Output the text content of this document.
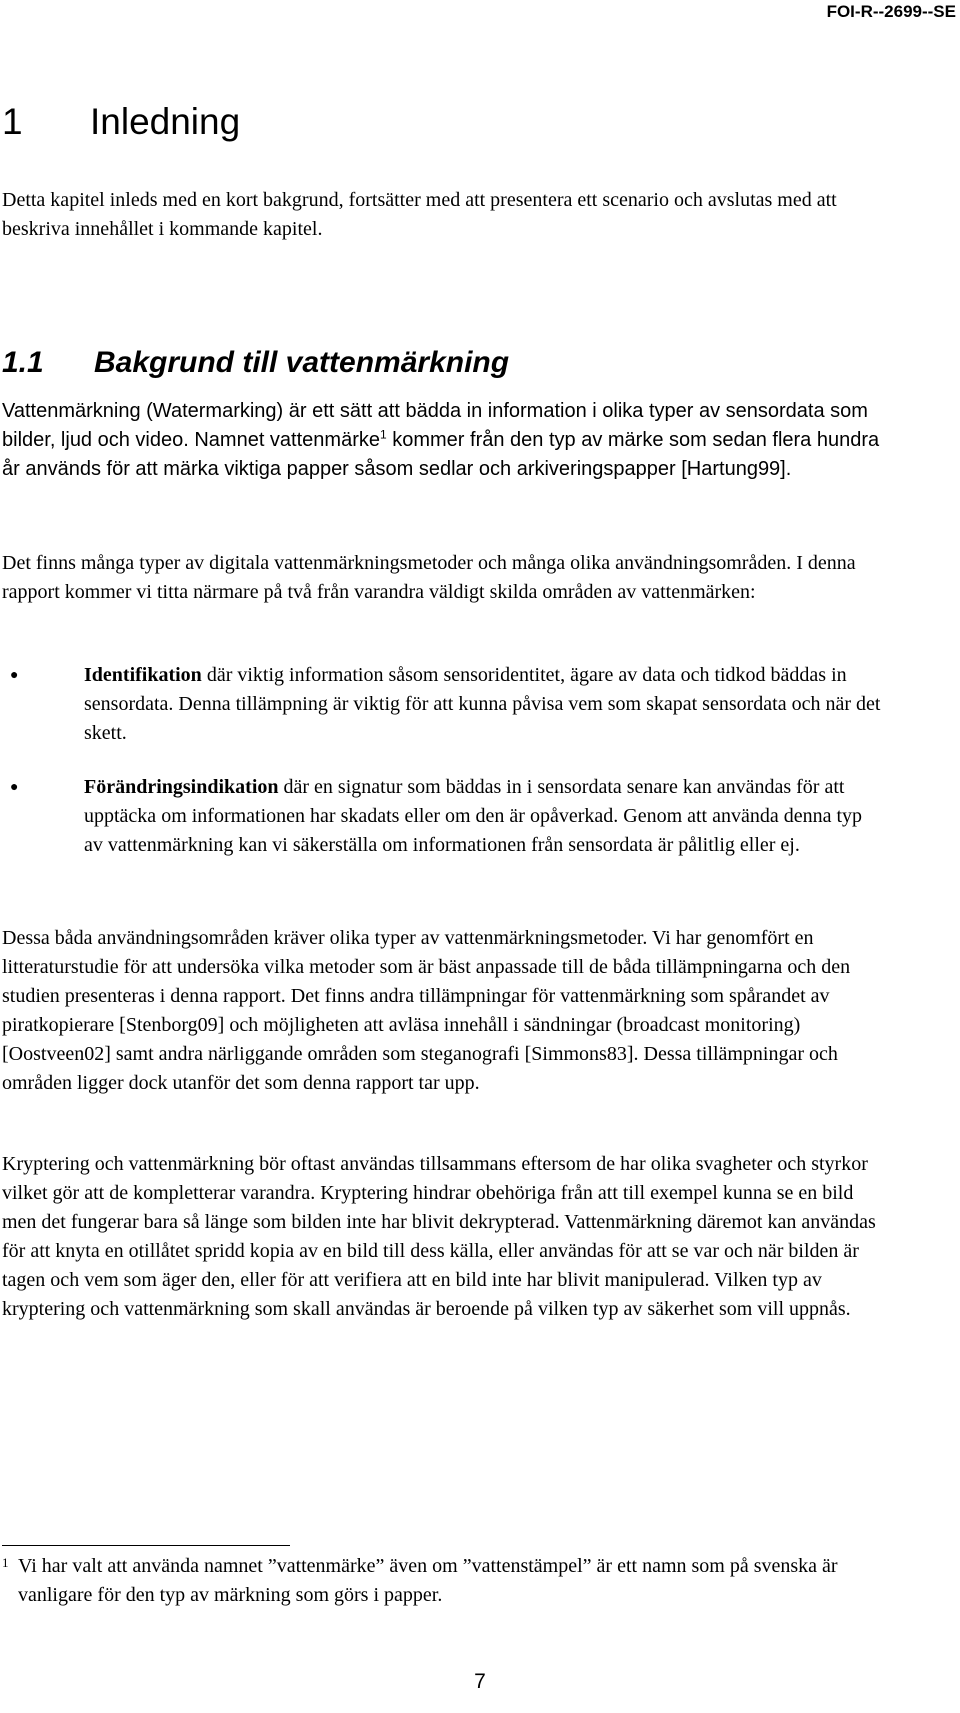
FOI-R--2699--SE
1 Inledning

Detta kapitel inleds med en kort bakgrund, fortsätter med att presentera ett scenario och avslutas med att beskriva innehållet i kommande kapitel.

1.1 Bakgrund till vattenmärkning

Vattenmärkning (Watermarking) är ett sätt att bädda in information i olika typer av sensordata som bilder, ljud och video. Namnet vattenmärke$^1$ kommer från den typ av märke som sedan flera hundra år används för att märka viktiga papper såsom sedlar och arkiveringspapper [Hartung99].

Det finns många typer av digitala vattenmärkningsmetoder och många olika användningsområden. I denna rapport kommer vi titta närmare på två från varandra väldigt skilda områden av vattenmärken:

●	Identifikation där viktig information såsom sensoridentitet, ägare av data och tidkod bäddas in sensordata. Denna tillämpning är viktig för att kunna påvisa vem som skapat sensordata och när det skett.
●	Förändringsindikation där en signatur som bäddas in i sensordata senare kan användas för att upptäcka om informationen har skadats eller om den är opåverkad. Genom att använda denna typ av vattenmärkning kan vi säkerställa om informationen från sensordata är pålitlig eller ej.

Dessa båda användningsområden kräver olika typer av vattenmärkningsmetoder. Vi har genomfört en litteraturstudie för att undersöka vilka metoder som är bäst anpassade till de båda tillämpningarna och den studien presenteras i denna rapport. Det finns andra tillämpningar för vattenmärkning som spårandet av piratkopierare [Stenborg09] och möjligheten att avläsa innehåll i sändningar (broadcast monitoring) [Oostveen02] samt andra närliggande områden som steganografi [Simmons83]. Dessa tillämpningar och områden ligger dock utanför det som denna rapport tar upp.

Kryptering och vattenmärkning bör oftast användas tillsammans eftersom de har olika svagheter och styrkor vilket gör att de kompletterar varandra. Kryptering hindrar obehöriga från att till exempel kunna se en bild men det fungerar bara så länge som bilden inte har blivit dekrypterad. Vattenmärkning däremot kan användas för att knyta en otillåtet spridd kopia av en bild till dess källa, eller användas för att se var och när bilden är tagen och vem som äger den, eller för att verifiera att en bild inte har blivit manipulerad. Vilken typ av kryptering och vattenmärkning som skall användas är beroende på vilken typ av säkerhet som vill uppnås.

1 Vi har valt att använda namnet ”vattenmärke” även om ”vattenstämpel” är ett namn som på svenska är vanligare för den typ av märkning som görs i papper.
7
